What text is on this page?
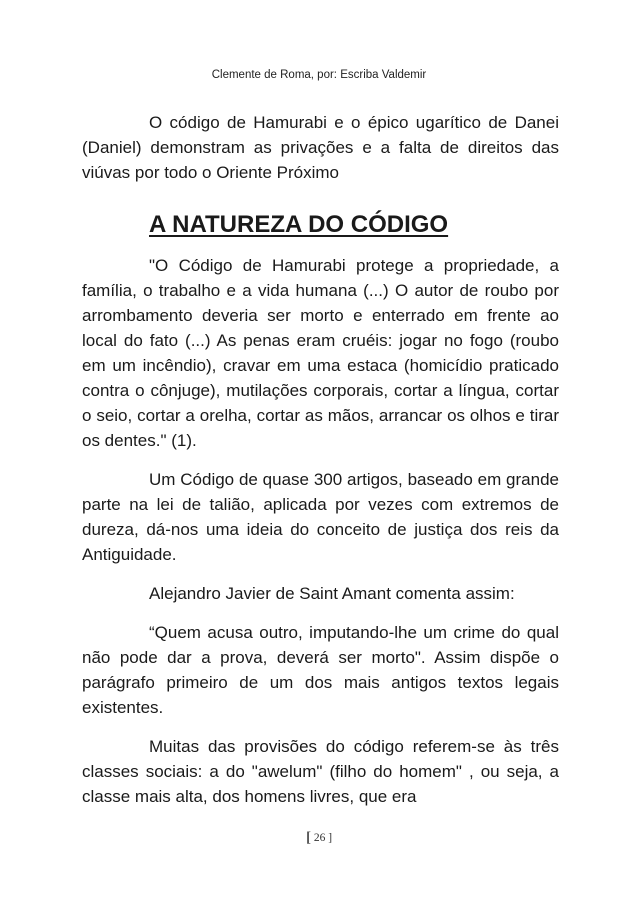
Clemente de Roma, por: Escriba Valdemir

O código de Hamurabi e o épico ugarítico de Danei (Daniel) demonstram as privações e a falta de direitos das viúvas por todo o Oriente Próximo

A NATUREZA DO CÓDIGO

"O Código de Hamurabi protege a propriedade, a família, o trabalho e a vida humana (...) O autor de roubo por arrombamento deveria ser morto e enterrado em frente ao local do fato (...) As penas eram cruéis: jogar no fogo (roubo em um incêndio), cravar em uma estaca (homicídio praticado contra o cônjuge), mutilações corporais, cortar a língua, cortar o seio, cortar a orelha, cortar as mãos, arrancar os olhos e tirar os dentes." (1).

Um Código de quase 300 artigos, baseado em grande parte na lei de talião, aplicada por vezes com extremos de dureza, dá-nos uma ideia do conceito de justiça dos reis da Antiguidade.

Alejandro Javier de Saint Amant comenta assim:

“Quem acusa outro, imputando-lhe um crime do qual não pode dar a prova, deverá ser morto". Assim dispõe o parágrafo primeiro de um dos mais antigos textos legais existentes.

Muitas das provisões do código referem-se às três classes sociais: a do "awelum" (filho do homem" , ou seja, a classe mais alta, dos homens livres, que era

[ 26 ]
